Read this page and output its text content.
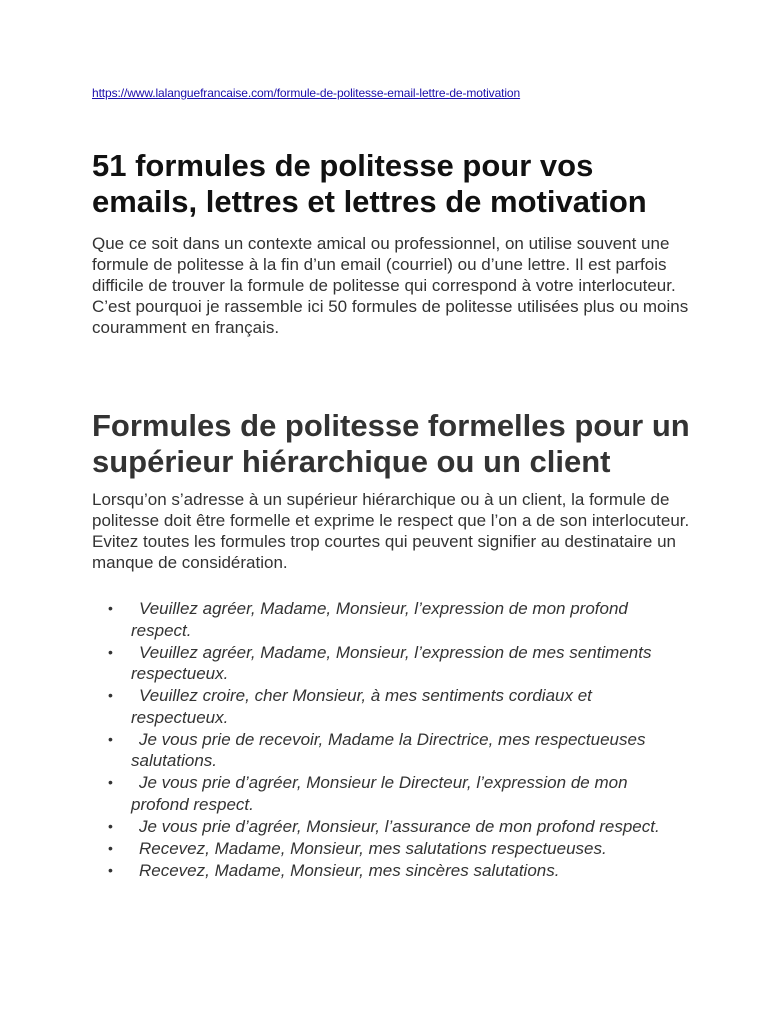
https://www.lalanguefrancaise.com/formule-de-politesse-email-lettre-de-motivation
51 formules de politesse pour vos emails, lettres et lettres de motivation

Que ce soit dans un contexte amical ou professionnel, on utilise souvent une formule de politesse à la fin d’un email (courriel) ou d’une lettre. Il est parfois difficile de trouver la formule de politesse qui correspond à votre interlocuteur. C’est pourquoi je rassemble ici 50 formules de politesse utilisées plus ou moins couramment en français.

Formules de politesse formelles pour un supérieur hiérarchique ou un client

Lorsqu’on s’adresse à un supérieur hiérarchique ou à un client, la formule de politesse doit être formelle et exprime le respect que l’on a de son interlocuteur. Evitez toutes les formules trop courtes qui peuvent signifier au destinataire un manque de considération.

• Veuillez agréer, Madame, Monsieur, l’expression de mon profond respect.
• Veuillez agréer, Madame, Monsieur, l’expression de mes sentiments respectueux.
• Veuillez croire, cher Monsieur, à mes sentiments cordiaux et respectueux.
• Je vous prie de recevoir, Madame la Directrice, mes respectueuses salutations.
• Je vous prie d’agréer, Monsieur le Directeur, l’expression de mon profond respect.
• Je vous prie d’agréer, Monsieur, l’assurance de mon profond respect.
• Recevez, Madame, Monsieur, mes salutations respectueuses.
• Recevez, Madame, Monsieur, mes sincères salutations.
